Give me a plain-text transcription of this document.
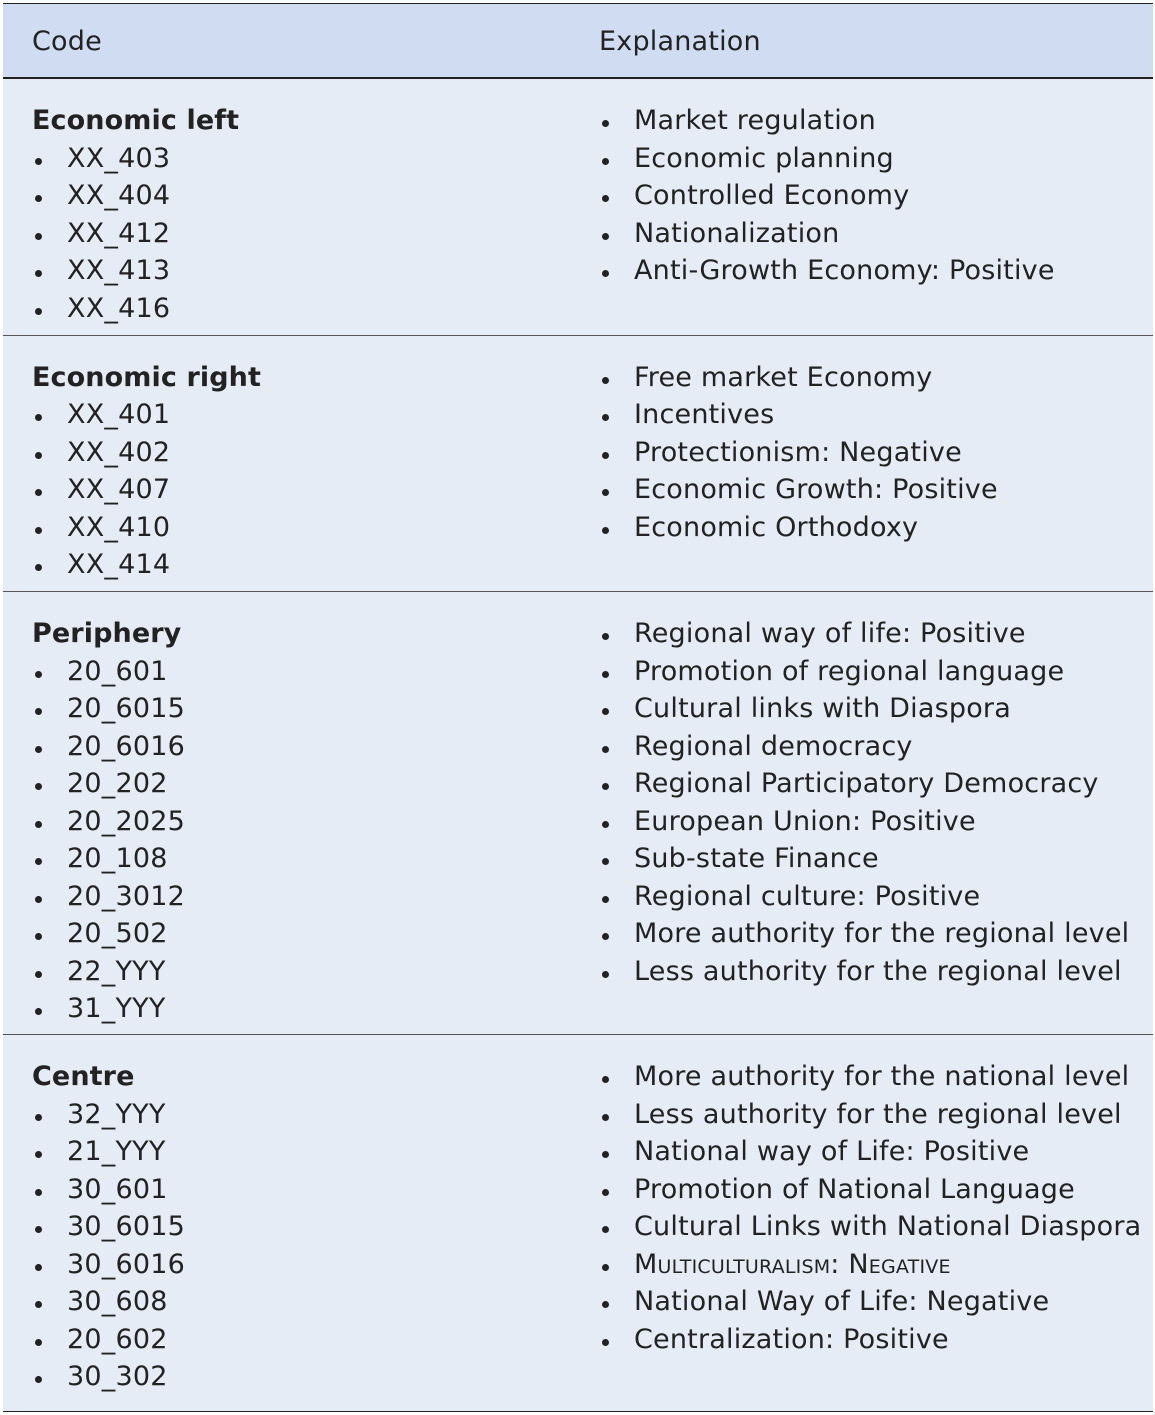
Code	Explanation
Economic left
XX_403
XX_404
XX_412
XX_413
XX_416
Market regulation
Economic planning
Controlled Economy
Nationalization
Anti-Growth Economy: Positive
Economic right
XX_401
XX_402
XX_407
XX_410
XX_414
Free market Economy
Incentives
Protectionism: Negative
Economic Growth: Positive
Economic Orthodoxy
Periphery
20_601
20_6015
20_6016
20_202
20_2025
20_108
20_3012
20_502
22_YYY
31_YYY
Regional way of life: Positive
Promotion of regional language
Cultural links with Diaspora
Regional democracy
Regional Participatory Democracy
European Union: Positive
Sub-state Finance
Regional culture: Positive
More authority for the regional level
Less authority for the regional level
Centre
32_YYY
21_YYY
30_601
30_6015
30_6016
30_608
20_602
30_302
More authority for the national level
Less authority for the regional level
National way of Life: Positive
Promotion of National Language
Cultural Links with National Diaspora
Multiculturalism: Negative
National Way of Life: Negative
Centralization: Positive
